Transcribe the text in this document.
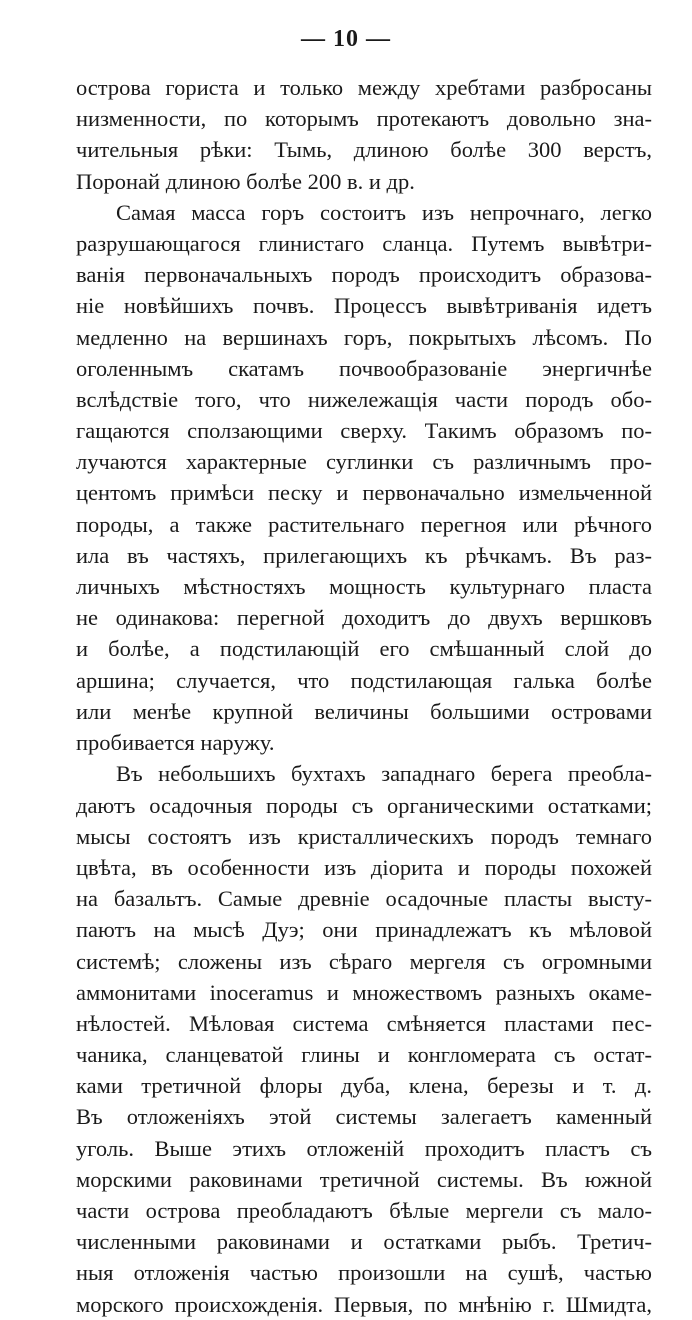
— 10 —
острова гориста и только между хребтами разбросаны
низменности, по которымъ протекаютъ довольно зна-
чительныя рѣки: Тымь, длиною болѣе 300 верстъ,
Поронай длиною болѣе 200 в. и др.
Самая масса горъ состоитъ изъ непрочнаго, легко
разрушающагося глинистаго сланца. Путемъ вывѣтри-
ванія первоначальныхъ породъ происходитъ образова-
ніе новѣйшихъ почвъ. Процессъ вывѣтриванія идетъ
медленно на вершинахъ горъ, покрытыхъ лѣсомъ. По
оголеннымъ скатамъ почвообразованіе энергичнѣе
вслѣдствіе того, что нижележащія части породъ обо-
гащаются сползающими сверху. Такимъ образомъ по-
лучаются характерные суглинки съ различнымъ про-
центомъ примѣси песку и первоначально измельченной
породы, а также растительнаго перегноя или рѣчного
ила въ частяхъ, прилегающихъ къ рѣчкамъ. Въ раз-
личныхъ мѣстностяхъ мощность культурнаго пласта
не одинакова: перегной доходитъ до двухъ вершковъ
и болѣе, а подстилающій его смѣшанный слой до
аршина; случается, что подстилающая галька болѣе
или менѣе крупной величины большими островами
пробивается наружу.
Въ небольшихъ бухтахъ западнаго берега преобла-
даютъ осадочныя породы съ органическими остатками;
мысы состоятъ изъ кристаллическихъ породъ темнаго
цвѣта, въ особенности изъ діорита и породы похожей
на базальтъ. Самые древніе осадочные пласты высту-
паютъ на мысѣ Дуэ; они принадлежатъ къ мѣловой
системѣ; сложены изъ сѣраго мергеля съ огромными
аммонитами inoceramus и множествомъ разныхъ окаме-
нѣлостей. Мѣловая система смѣняется пластами пес-
чаника, сланцеватой глины и конгломерата съ остат-
ками третичной флоры дуба, клена, березы и т. д.
Въ отложеніяхъ этой системы залегаетъ каменный
уголь. Выше этихъ отложеній проходитъ пластъ съ
морскими раковинами третичной системы. Въ южной
части острова преобладаютъ бѣлые мергели съ мало-
численными раковинами и остатками рыбъ. Третич-
ныя отложенія частью произошли на сушѣ, частью
морского происхожденія. Первыя, по мнѣнію г. Шмидта,
